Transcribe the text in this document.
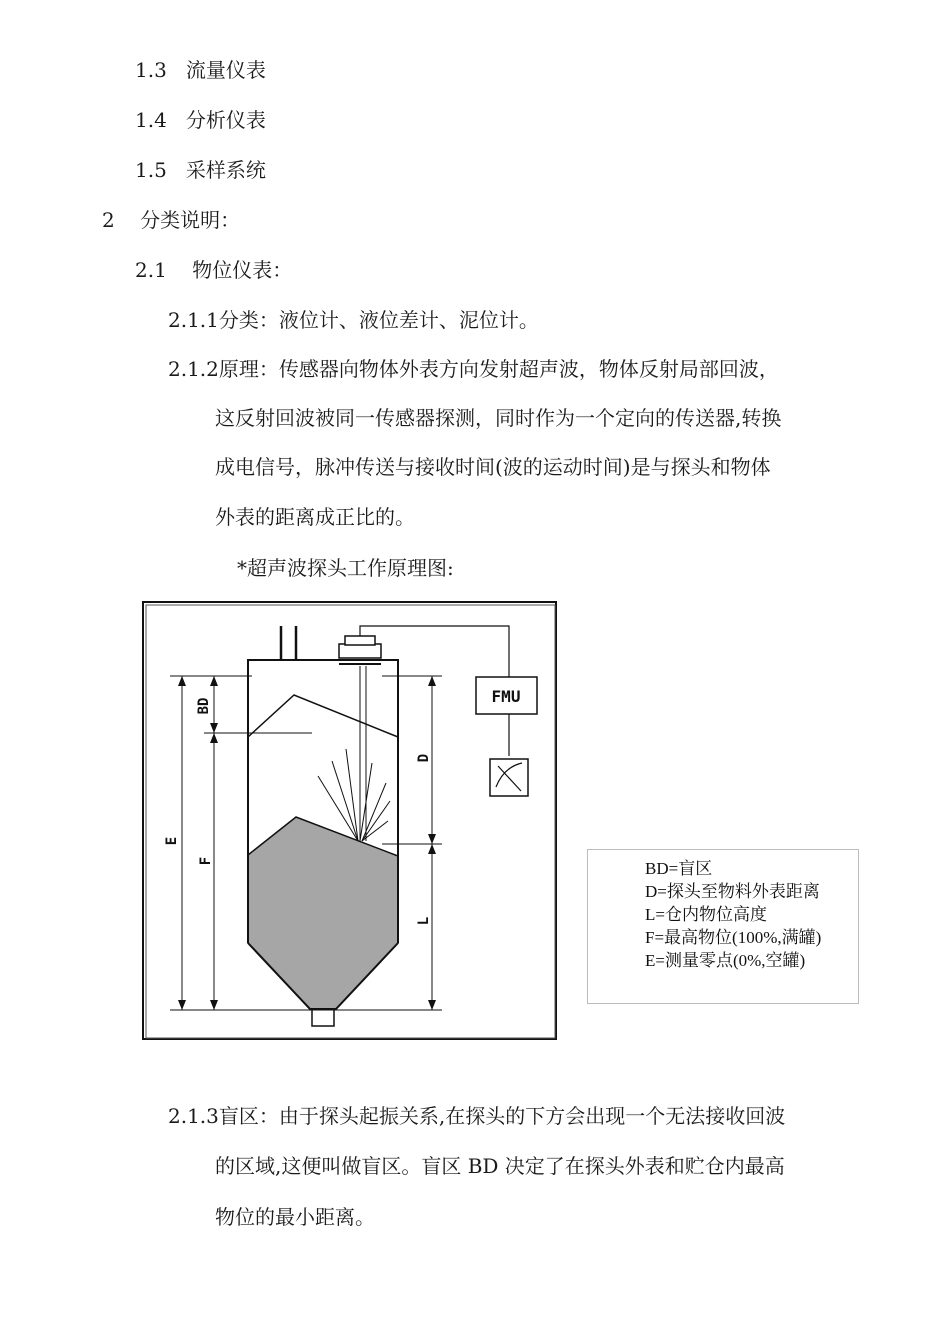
1.3 流量仪表
1.4 分析仪表
1.5 采样系统
2 分类说明：
2.1 物位仪表：
2.1.1分类：液位计、液位差计、泥位计。
2.1.2原理：传感器向物体外表方向发射超声波，物体反射局部回波，
这反射回波被同一传感器探测，同时作为一个定向的传送器,转换
成电信号，脉冲传送与接收时间(波的运动时间)是与探头和物体
外表的距离成正比的。
*超声波探头工作原理图:
FMU
BD
E
F
D
L
BD=盲区
D=探头至物料外表距离
L=仓内物位高度
F=最高物位(100%,满罐)
E=测量零点(0%,空罐)
2.1.3盲区：由于探头起振关系,在探头的下方会出现一个无法接收回波
的区域,这便叫做盲区。盲区 BD 决定了在探头外表和贮仓内最高
物位的最小距离。
